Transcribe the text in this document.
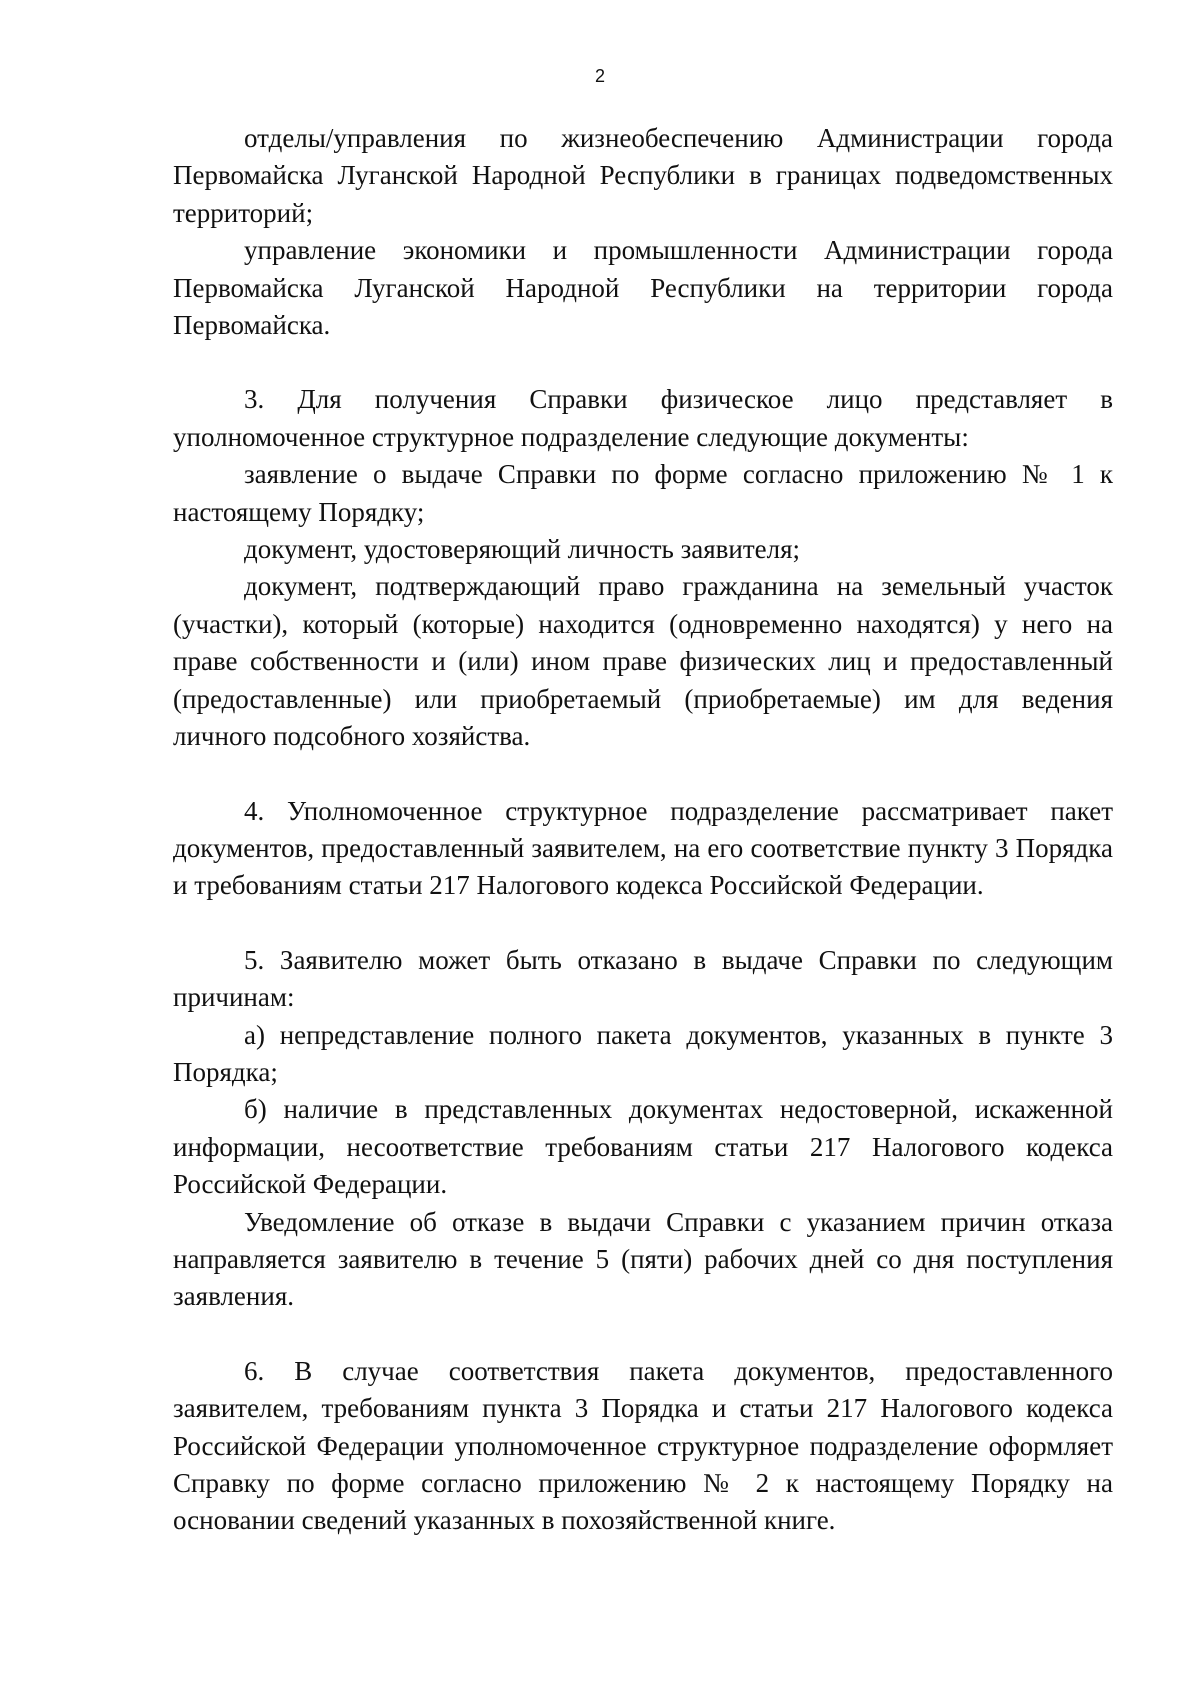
2

отделы/управления по жизнеобеспечению Администрации города Первомайска Луганской Народной Республики в границах подведомственных территорий;

управление экономики и промышленности Администрации города Первомайска Луганской Народной Республики на территории города Первомайска.

3. Для получения Справки физическое лицо представляет в уполномоченное структурное подразделение следующие документы:

заявление о выдаче Справки по форме согласно приложению № 1 к настоящему Порядку;

документ, удостоверяющий личность заявителя;

документ, подтверждающий право гражданина на земельный участок (участки), который (которые) находится (одновременно находятся) у него на праве собственности и (или) ином праве физических лиц и предоставленный (предоставленные) или приобретаемый (приобретаемые) им для ведения личного подсобного хозяйства.

4. Уполномоченное структурное подразделение рассматривает пакет документов, предоставленный заявителем, на его соответствие пункту 3 Порядка и требованиям статьи 217 Налогового кодекса Российской Федерации.

5. Заявителю может быть отказано в выдаче Справки по следующим причинам:

а) непредставление полного пакета документов, указанных в пункте 3 Порядка;

б) наличие в представленных документах недостоверной, искаженной информации, несоответствие требованиям статьи 217 Налогового кодекса Российской Федерации.

Уведомление об отказе в выдачи Справки с указанием причин отказа направляется заявителю в течение 5 (пяти) рабочих дней со дня поступления заявления.

6. В случае соответствия пакета документов, предоставленного заявителем, требованиям пункта 3 Порядка и статьи 217 Налогового кодекса Российской Федерации уполномоченное структурное подразделение оформляет Справку по форме согласно приложению № 2 к настоящему Порядку на основании сведений указанных в похозяйственной книге.
